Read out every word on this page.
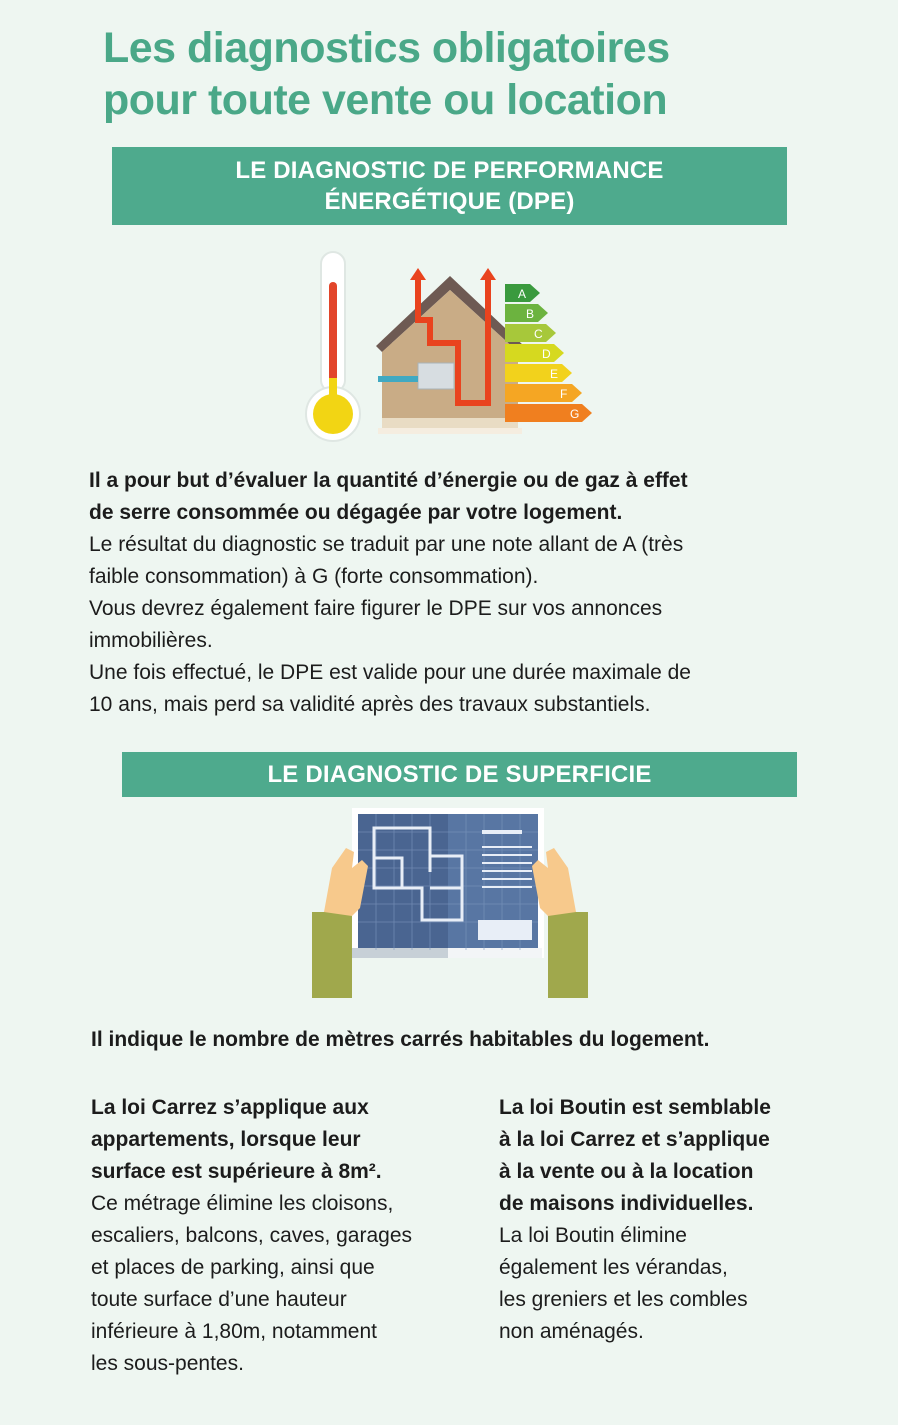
Les diagnostics obligatoires
pour toute vente ou location
LE DIAGNOSTIC DE PERFORMANCE
ÉNERGÉTIQUE (DPE)
A
B
C
D
E
F
G
Il a pour but d’évaluer la quantité d’énergie ou de gaz à effet
de serre consommée ou dégagée par votre logement.
Le résultat du diagnostic se traduit par une note allant de A (très
faible consommation) à G (forte consommation).
Vous devrez également faire figurer le DPE sur vos annonces
immobilières.
Une fois effectué, le DPE est valide pour une durée maximale de
10 ans, mais perd sa validité après des travaux substantiels.
LE DIAGNOSTIC DE SUPERFICIE
Il indique le nombre de mètres carrés habitables du logement.
La loi Carrez s’applique aux
appartements, lorsque leur
surface est supérieure à 8m².
Ce métrage élimine les cloisons,
escaliers, balcons, caves, garages
et places de parking, ainsi que
toute surface d’une hauteur
inférieure à 1,80m, notamment
les sous-pentes.
La loi Boutin est semblable
à la loi Carrez et s’applique
à la vente ou à la location
de maisons individuelles.
La loi Boutin élimine
également les vérandas,
les greniers et les combles
non aménagés.
